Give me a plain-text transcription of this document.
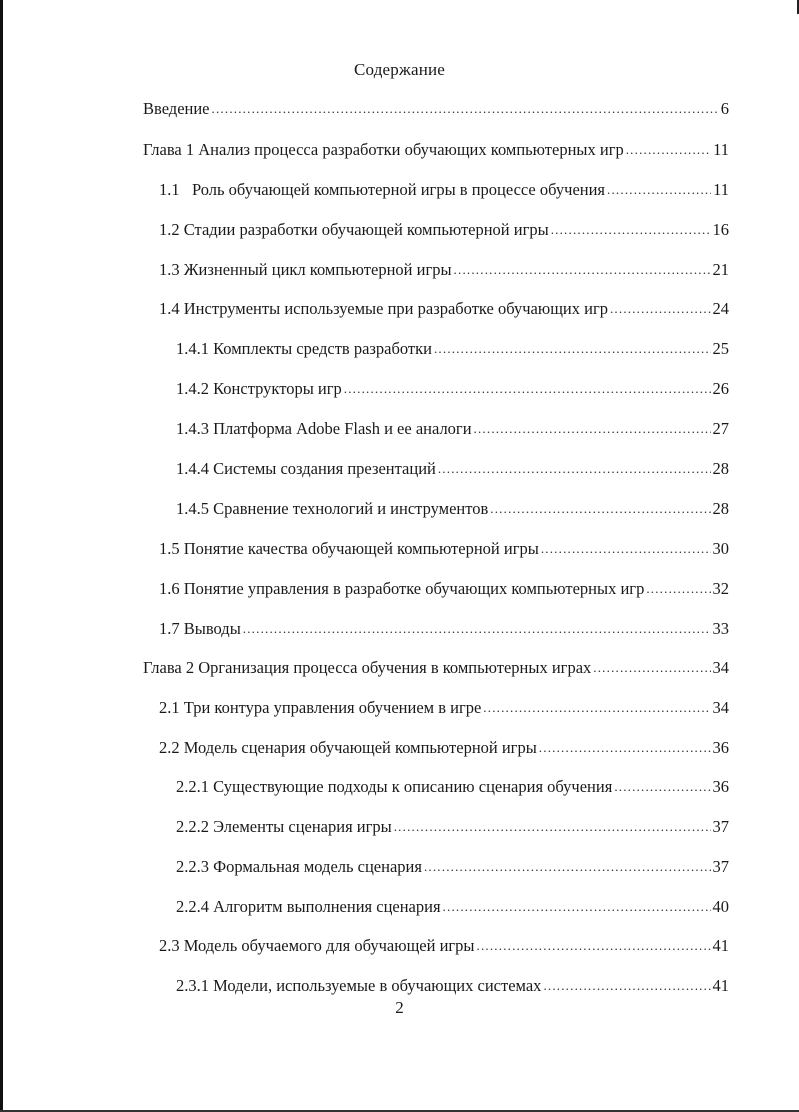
Содержание
Введение .....	6
Глава 1 Анализ процесса разработки обучающих компьютерных игр .....	11
1.1   Роль обучающей компьютерной игры в процессе обучения .....	11
1.2 Стадии разработки обучающей компьютерной игры .....	16
1.3 Жизненный цикл компьютерной игры .....	21
1.4 Инструменты используемые при разработке обучающих игр .....	24
1.4.1 Комплекты средств разработки .....	25
1.4.2 Конструкторы игр .....	26
1.4.3 Платформа Adobe Flash и ее аналоги .....	27
1.4.4 Системы создания презентаций .....	28
1.4.5 Сравнение технологий и инструментов .....	28
1.5 Понятие качества обучающей компьютерной игры .....	30
1.6 Понятие управления в разработке обучающих компьютерных игр .....	32
1.7 Выводы .....	33
Глава 2 Организация процесса обучения в компьютерных играх .....	34
2.1 Три контура управления обучением в игре .....	34
2.2 Модель сценария обучающей компьютерной игры .....	36
2.2.1 Существующие подходы к описанию сценария обучения .....	36
2.2.2 Элементы сценария игры .....	37
2.2.3 Формальная модель сценария .....	37
2.2.4 Алгоритм выполнения сценария .....	40
2.3 Модель обучаемого для обучающей игры .....	41
2.3.1 Модели, используемые в обучающих системах .....	41
2
